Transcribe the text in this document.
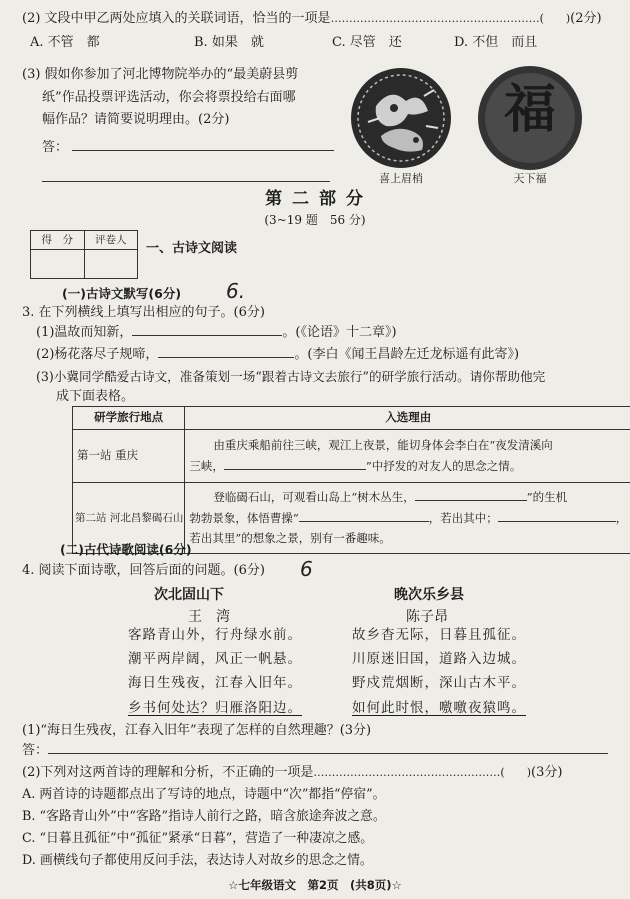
(2) 文段中甲乙两处应填入的关联词语，恰当的一项是…………………………………………………(　　)(2分)
A. 不管　都	B. 如果　就	C. 尽管　还	D. 不但　而且
(3) 假如你参加了河北博物院举办的“最美蔚县剪
纸”作品投票评选活动，你会将票投给右面哪
幅作品？请简要说明理由。(2分)
答：
喜上眉梢
福
天下福
第 二 部 分
(3~19 题　56 分)
得　分	评卷人

一、古诗文阅读
(一)古诗文默写(6分) 6.
3. 在下列横线上填写出相应的句子。(6分)
(1)温故而知新，	。(《论语》十二章》)
(2)杨花落尽子规啼，	。(李白《闻王昌龄左迁龙标遥有此寄》)
(3)小冀同学酷爱古诗文，准备策划一场“跟着古诗文去旅行”的研学旅行活动。请你帮助他完
成下面表格。
研学旅行地点	入选理由
第一站 重庆	由重庆乘船前往三峡，观江上夜景，能切身体会李白在“夜发清溪向
三峡， ”中抒发的对友人的思念之情。

第二站 河北昌黎碣石山	登临碣石山，可观看山岛上“树木丛生， ”的生机
勃勃景象，体悟曹操“ ，若出其中； ，
若出其里”的想象之景，别有一番趣味。
(二)古代诗歌阅读(6分)
4. 阅读下面诗歌，回答后面的问题。(6分) 6
次北固山下
王　湾
客路青山外，行舟绿水前。
潮平两岸阔，风正一帆悬。
海日生残夜，江春入旧年。
乡书何处达？归雁洛阳边。
晚次乐乡县
陈子昂
故乡杳无际，日暮且孤征。
川原迷旧国，道路入边城。
野戍荒烟断，深山古木平。
如何此时恨，噭噭夜猿鸣。
(1)“海日生残夜，江春入旧年”表现了怎样的自然理趣？(3分)
答：
(2)下列对这两首诗的理解和分析，不正确的一项是……………………………………………(　　)(3分)
A. 两首诗的诗题都点出了写诗的地点，诗题中“次”都指“停宿”。
B. “客路青山外”中“客路”指诗人前行之路，暗含旅途奔波之意。
C. “日暮且孤征”中“孤征”紧承“日暮”，营造了一种凄凉之感。
D. 画横线句子都使用反问手法，表达诗人对故乡的思念之情。
☆七年级语文　第2页　(共8页)☆
